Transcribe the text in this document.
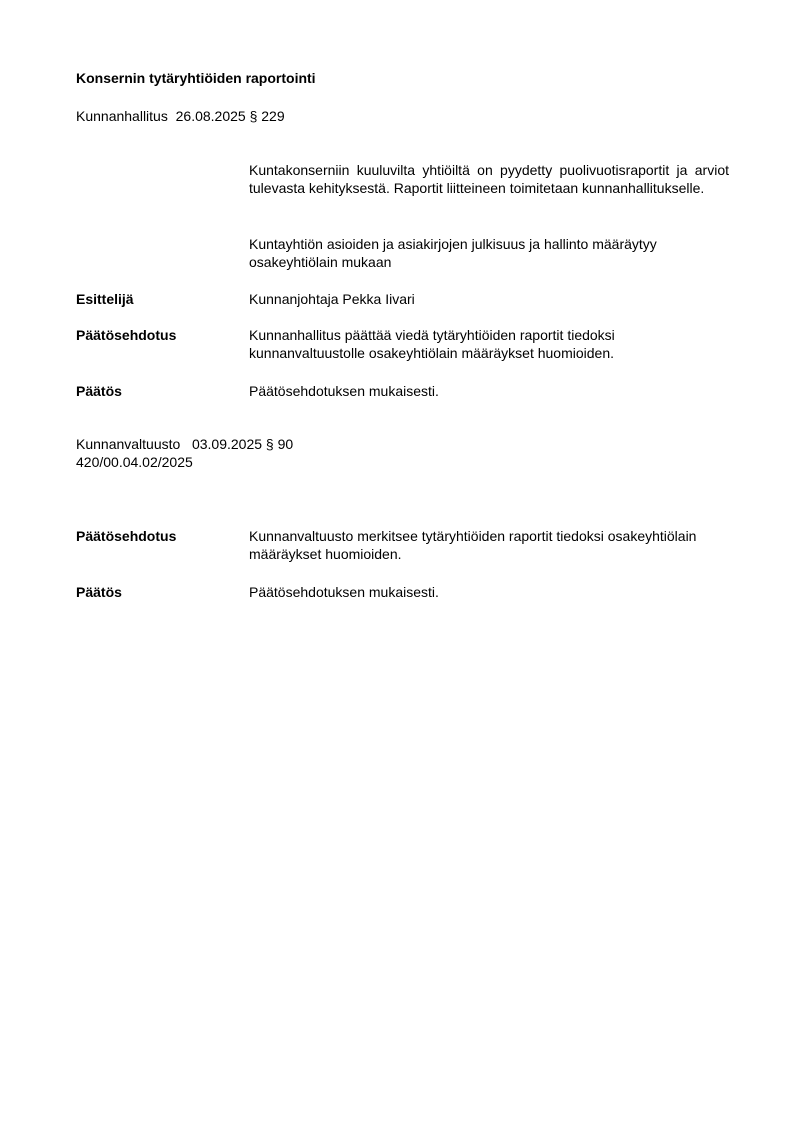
Konsernin tytäryhtiöiden raportointi
Kunnanhallitus  26.08.2025 § 229
Kuntakonserniin kuuluvilta yhtiöiltä on pyydetty puolivuotisraportit ja arviot tulevasta kehityksestä. Raportit liitteineen toimitetaan kunnanhallitukselle.
Kuntayhtiön asioiden ja asiakirjojen julkisuus ja hallinto määräytyy osakeyhtiölain mukaan
Esittelijä	Kunnanjohtaja Pekka Iivari
Päätösehdotus	Kunnanhallitus päättää viedä tytäryhtiöiden raportit tiedoksi kunnanvaltuustolle osakeyhtiölain määräykset huomioiden.
Päätös	Päätösehdotuksen mukaisesti.
Kunnanvaltuusto   03.09.2025 § 90
420/00.04.02/2025
Päätösehdotus	Kunnanvaltuusto merkitsee tytäryhtiöiden raportit tiedoksi osakeyhtiölain määräykset huomioiden.
Päätös	Päätösehdotuksen mukaisesti.
